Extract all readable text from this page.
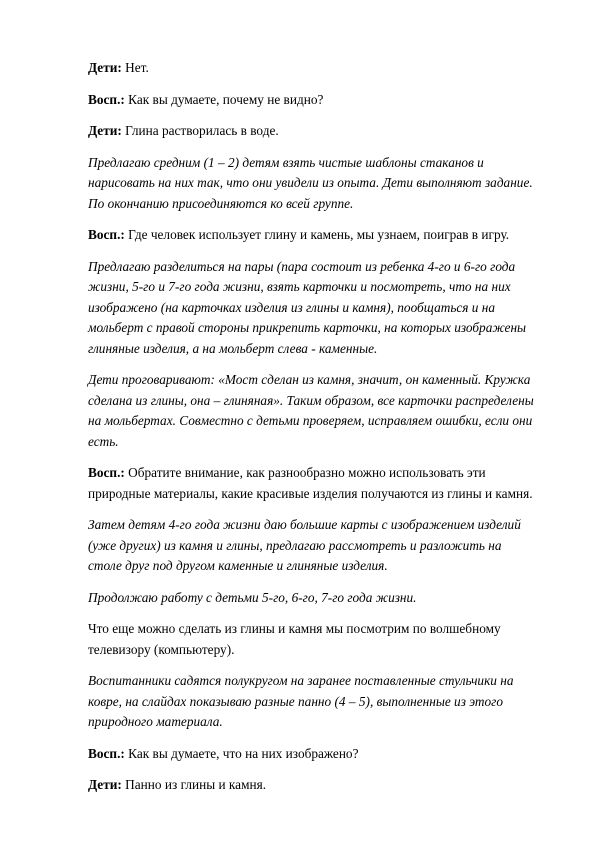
Дети: Нет.

Восп.: Как вы думаете, почему не видно?

Дети: Глина растворилась в воде.

Предлагаю средним (1 – 2) детям взять чистые шаблоны стаканов и нарисовать на них так, что они увидели из опыта. Дети выполняют задание. По окончанию присоединяются ко всей группе.

Восп.: Где человек использует глину и камень, мы узнаем, поиграв в игру.

Предлагаю разделиться на пары (пара состоит из ребенка 4-го и 6-го года жизни, 5-го и 7-го года жизни, взять карточки и посмотреть, что на них изображено (на карточках изделия из глины и камня), пообщаться и на мольберт с правой стороны прикрепить карточки, на которых изображены глиняные изделия, а на мольберт слева - каменные.

Дети проговаривают: «Мост сделан из камня, значит, он каменный. Кружка сделана из глины, она – глиняная». Таким образом, все карточки распределены на мольбертах. Совместно с детьми проверяем, исправляем ошибки, если они есть.

Восп.: Обратите внимание, как разнообразно можно использовать эти природные материалы, какие красивые изделия получаются из глины и камня.

Затем детям 4-го года жизни даю большие карты с изображением изделий (уже других) из камня и глины, предлагаю рассмотреть и разложить на столе друг под другом каменные и глиняные изделия.

Продолжаю работу с детьми 5-го, 6-го, 7-го года жизни.

Что еще можно сделать из глины и камня мы посмотрим по волшебному телевизору (компьютеру).

Воспитанники садятся полукругом на заранее поставленные стульчики на ковре, на слайдах показываю разные панно (4 – 5), выполненные из этого природного материала.

Восп.: Как вы думаете, что на них изображено?

Дети: Панно из глины и камня.
